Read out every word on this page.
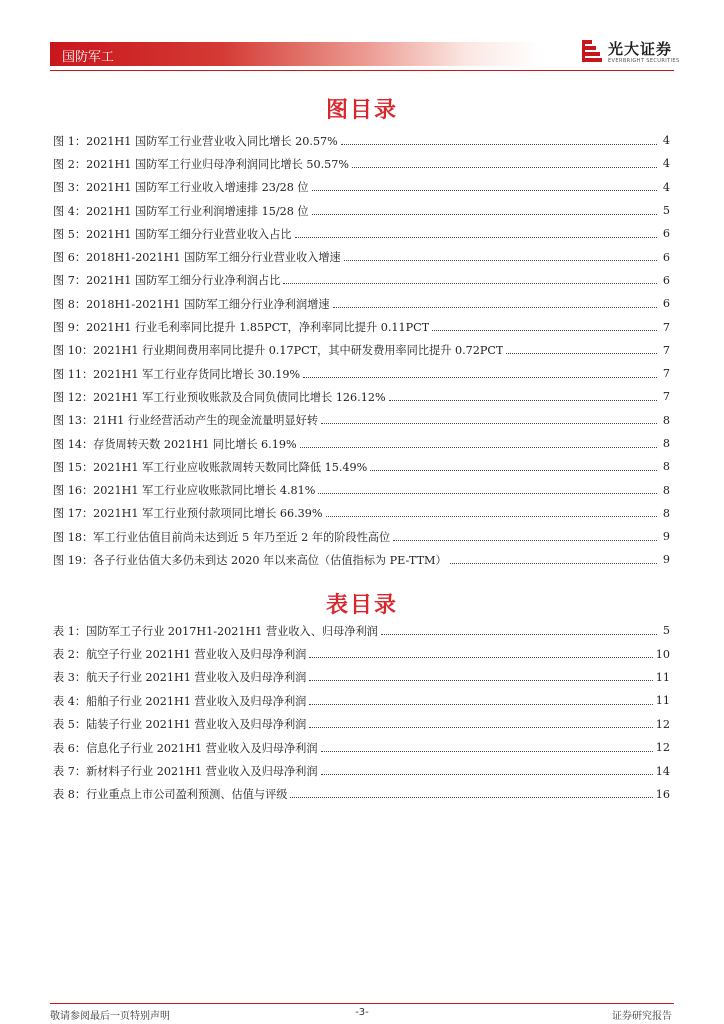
国防军工	光大证券
EVERBRIGHT SECURITIES
图目录
图 1： 2021H1 国防军工行业营业收入同比增长 20.57%	4
图 2： 2021H1 国防军工行业归母净利润同比增长 50.57%	4
图 3： 2021H1 国防军工行业收入增速排 23/28 位	4
图 4： 2021H1 国防军工行业利润增速排 15/28 位	5
图 5： 2021H1 国防军工细分行业营业收入占比	6
图 6： 2018H1-2021H1 国防军工细分行业营业收入增速	6
图 7： 2021H1 国防军工细分行业净利润占比	6
图 8： 2018H1-2021H1 国防军工细分行业净利润增速	6
图 9： 2021H1 行业毛利率同比提升 1.85PCT，净利率同比提升 0.11PCT	7
图 10： 2021H1 行业期间费用率同比提升 0.17PCT，其中研发费用率同比提升 0.72PCT	7
图 11： 2021H1 军工行业存货同比增长 30.19%	7
图 12： 2021H1 军工行业预收账款及合同负债同比增长 126.12%	7
图 13： 21H1 行业经营活动产生的现金流量明显好转	8
图 14： 存货周转天数 2021H1 同比增长 6.19%	8
图 15： 2021H1 军工行业应收账款周转天数同比降低 15.49%	8
图 16： 2021H1 军工行业应收账款同比增长 4.81%	8
图 17： 2021H1 军工行业预付款项同比增长 66.39%	8
图 18： 军工行业估值目前尚未达到近 5 年乃至近 2 年的阶段性高位	9
图 19： 各子行业估值大多仍未到达 2020 年以来高位（估值指标为 PE-TTM）	9
表目录
表 1： 国防军工子行业 2017H1-2021H1 营业收入、归母净利润	5
表 2： 航空子行业 2021H1 营业收入及归母净利润	10
表 3： 航天子行业 2021H1 营业收入及归母净利润	11
表 4： 船舶子行业 2021H1 营业收入及归母净利润	11
表 5： 陆装子行业 2021H1 营业收入及归母净利润	12
表 6： 信息化子行业 2021H1 营业收入及归母净利润	12
表 7： 新材料子行业 2021H1 营业收入及归母净利润	14
表 8： 行业重点上市公司盈利预测、估值与评级	16
敬请参阅最后一页特别声明	-3-	证券研究报告
